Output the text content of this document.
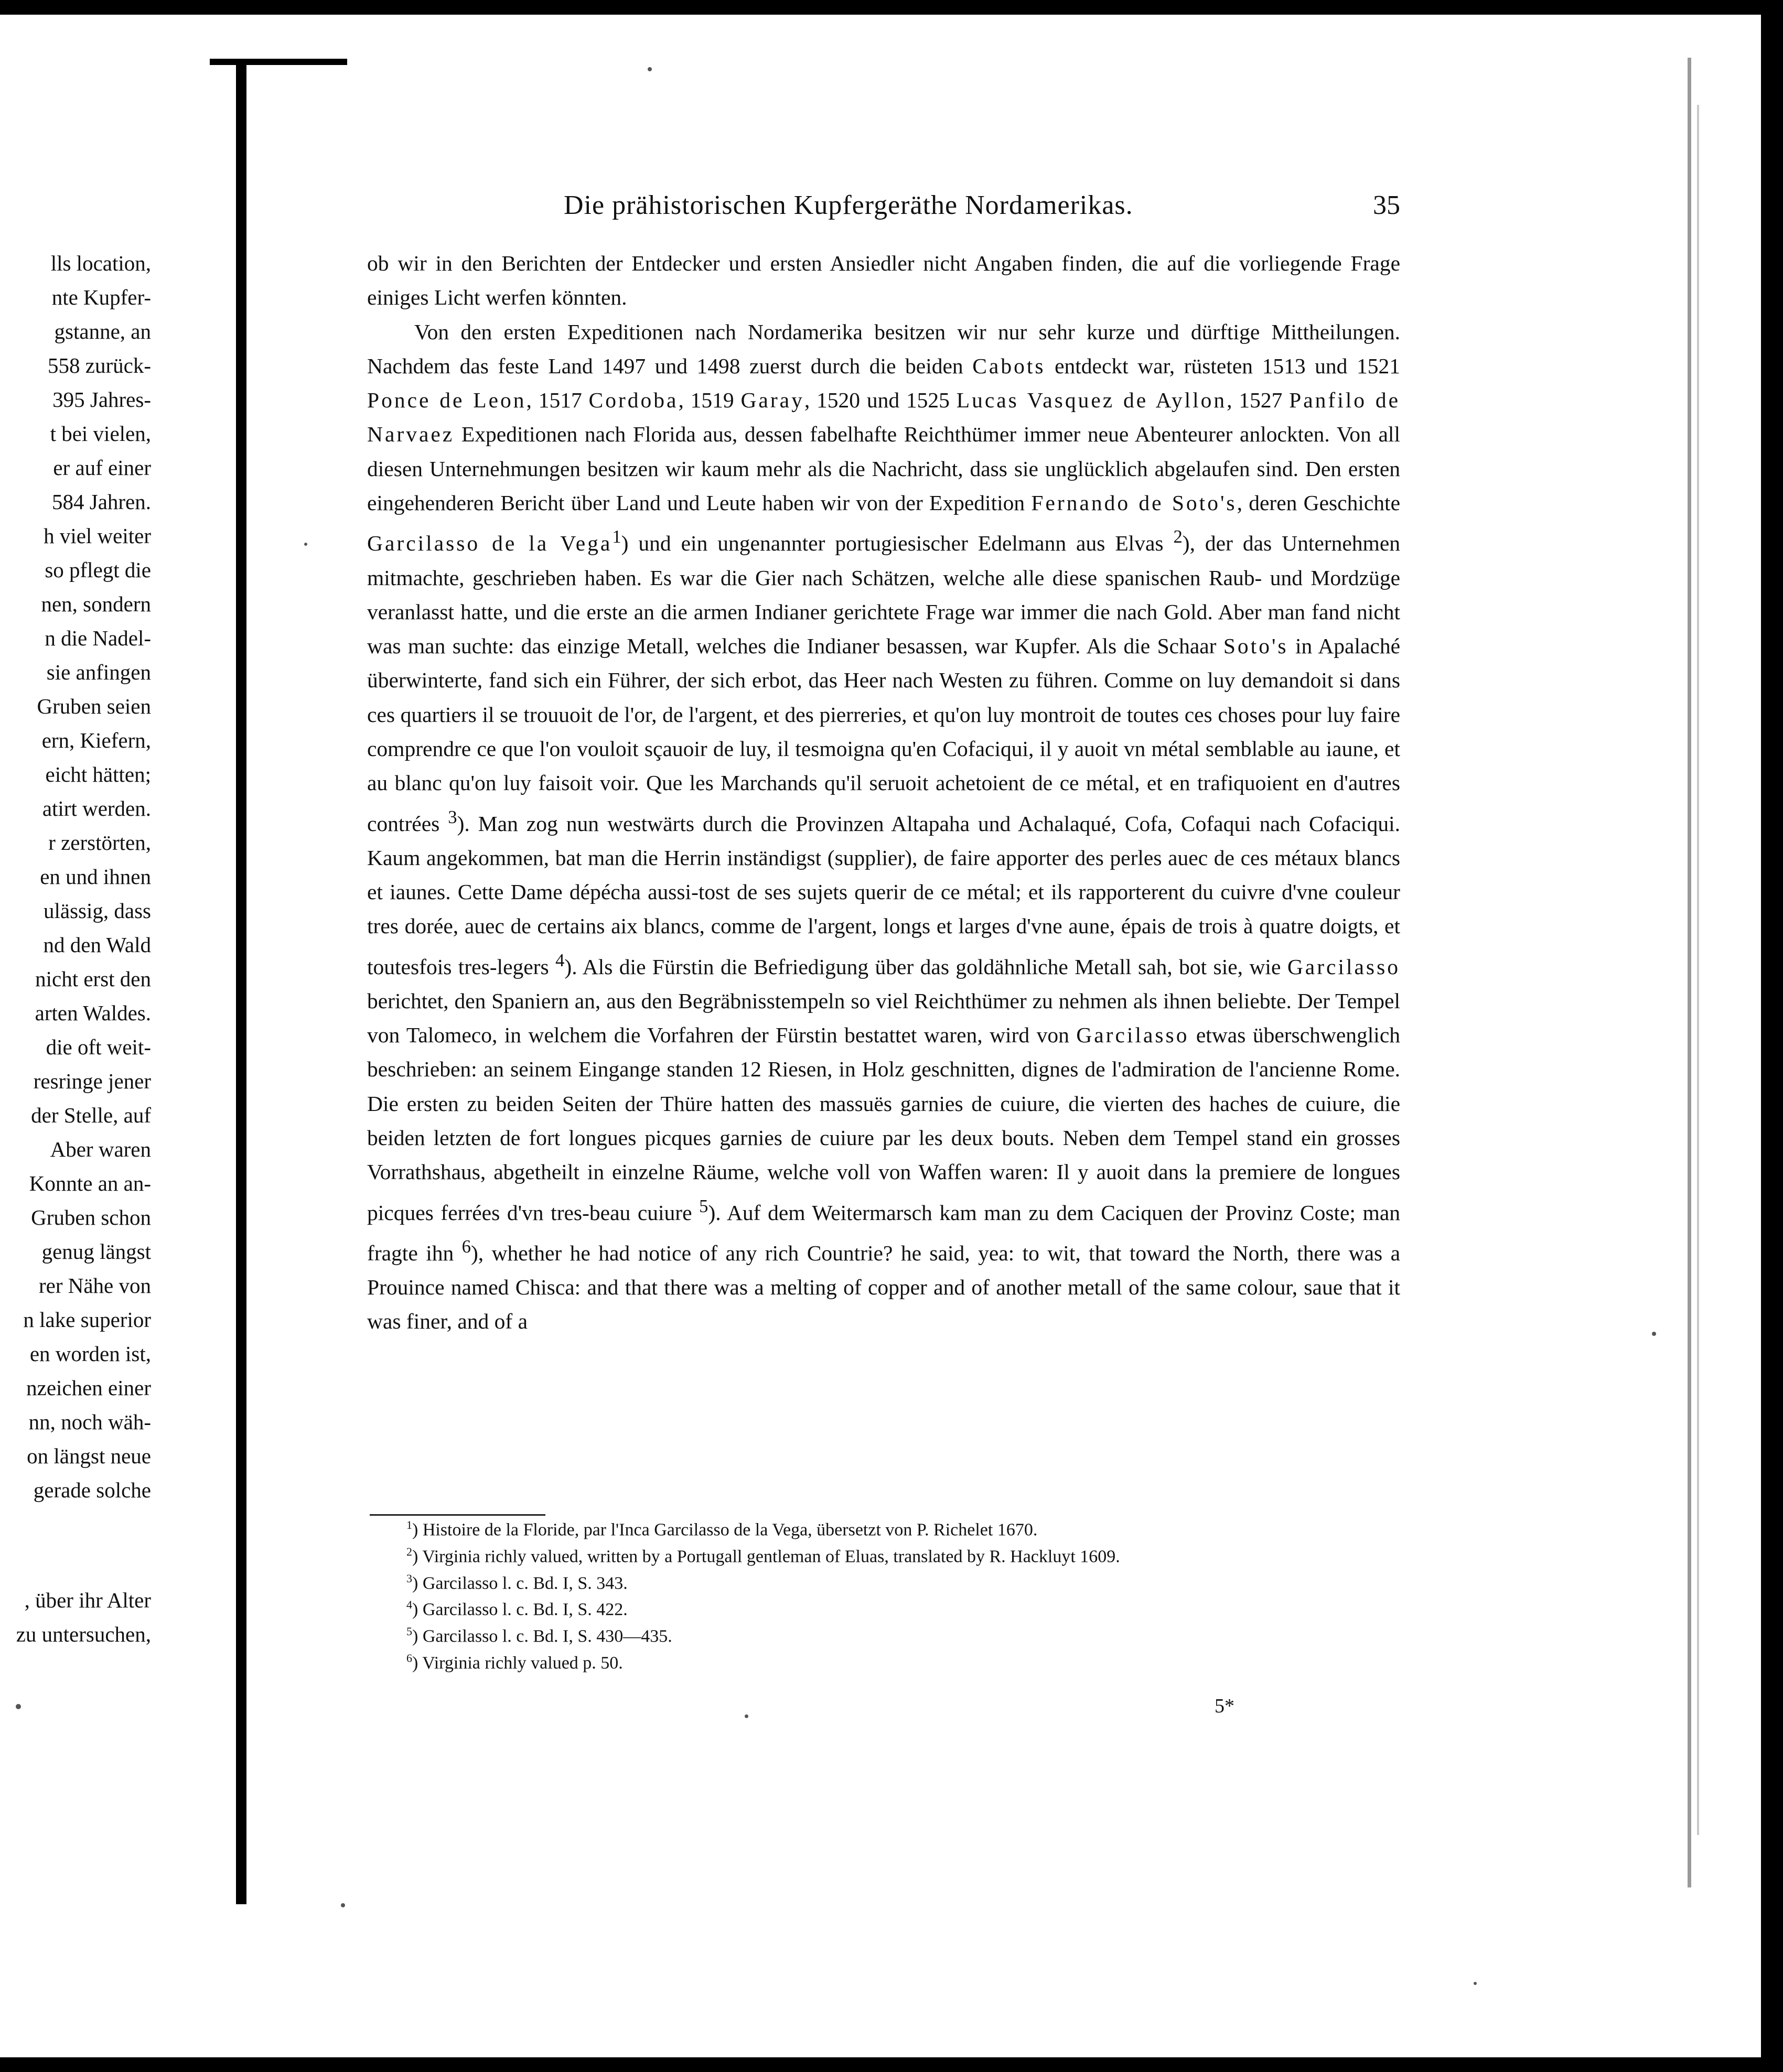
lls location,
nte Kupfer-
gstanne, an
558 zurück-
395 Jahres-
t bei vielen,
er auf einer
584 Jahren.
h viel weiter
so pflegt die
nen, sondern
n die Nadel-
sie anfingen
Gruben seien
ern, Kiefern,
eicht hätten;
atirt werden.
r zerstörten,
en und ihnen
ulässig, dass
nd den Wald
nicht erst den
arten Waldes.
die oft weit-
resringe jener
der Stelle, auf
Aber waren
Konnte an an-
Gruben schon
genug längst
rer Nähe von
n lake superior
en worden ist,
nzeichen einer
nn, noch wäh-
on längst neue
gerade solche
, über ihr Alter
zu untersuchen,
Die prähistorischen Kupfergeräthe Nordamerikas.	35

ob wir in den Berichten der Entdecker und ersten Ansiedler nicht Angaben finden, die auf die vorliegende Frage einiges Licht werfen könnten.

Von den ersten Expeditionen nach Nordamerika besitzen wir nur sehr kurze und dürftige Mittheilungen. Nachdem das feste Land 1497 und 1498 zuerst durch die beiden Cabots entdeckt war, rüsteten 1513 und 1521 Ponce de Leon, 1517 Cordoba, 1519 Garay, 1520 und 1525 Lucas Vasquez de Ayllon, 1527 Panfilo de Narvaez Expeditionen nach Florida aus, dessen fabelhafte Reichthümer immer neue Abenteurer anlockten. Von all diesen Unternehmungen besitzen wir kaum mehr als die Nachricht, dass sie unglücklich abgelaufen sind. Den ersten eingehenderen Bericht über Land und Leute haben wir von der Expedition Fernando de Soto's, deren Geschichte Garcilasso de la Vega$^1$) und ein ungenannter portugiesischer Edelmann aus Elvas $^2$), der das Unternehmen mitmachte, geschrieben haben. Es war die Gier nach Schätzen, welche alle diese spanischen Raub- und Mordzüge veranlasst hatte, und die erste an die armen Indianer gerichtete Frage war immer die nach Gold. Aber man fand nicht was man suchte: das einzige Metall, welches die Indianer besassen, war Kupfer. Als die Schaar Soto's in Apalaché überwinterte, fand sich ein Führer, der sich erbot, das Heer nach Westen zu führen. Comme on luy demandoit si dans ces quartiers il se trouuoit de l'or, de l'argent, et des pierreries, et qu'on luy montroit de toutes ces choses pour luy faire comprendre ce que l'on vouloit sçauoir de luy, il tesmoigna qu'en Cofaciqui, il y auoit vn métal semblable au iaune, et au blanc qu'on luy faisoit voir. Que les Marchands qu'il seruoit achetoient de ce métal, et en trafiquoient en d'autres contrées $^3$). Man zog nun westwärts durch die Provinzen Altapaha und Achalaqué, Cofa, Cofaqui nach Cofaciqui. Kaum angekommen, bat man die Herrin inständigst (supplier), de faire apporter des perles auec de ces métaux blancs et iaunes. Cette Dame dépécha aussi-tost de ses sujets querir de ce métal; et ils rapporterent du cuivre d'vne couleur tres dorée, auec de certains aix blancs, comme de l'argent, longs et larges d'vne aune, épais de trois à quatre doigts, et toutesfois tres-legers $^4$). Als die Fürstin die Befriedigung über das goldähnliche Metall sah, bot sie, wie Garcilasso berichtet, den Spaniern an, aus den Begräbnisstempeln so viel Reichthümer zu nehmen als ihnen beliebte. Der Tempel von Talomeco, in welchem die Vorfahren der Fürstin bestattet waren, wird von Garcilasso etwas überschwenglich beschrieben: an seinem Eingange standen 12 Riesen, in Holz geschnitten, dignes de l'admiration de l'ancienne Rome. Die ersten zu beiden Seiten der Thüre hatten des massuës garnies de cuiure, die vierten des haches de cuiure, die beiden letzten de fort longues picques garnies de cuiure par les deux bouts. Neben dem Tempel stand ein grosses Vorrathshaus, abgetheilt in einzelne Räume, welche voll von Waffen waren: Il y auoit dans la premiere de longues picques ferrées d'vn tres-beau cuiure $^5$). Auf dem Weitermarsch kam man zu dem Caciquen der Provinz Coste; man fragte ihn $^6$), whether he had notice of any rich Countrie? he said, yea: to wit, that toward the North, there was a Prouince named Chisca: and that there was a melting of copper and of another metall of the same colour, saue that it was finer, and of a

$^1$) Histoire de la Floride, par l'Inca Garcilasso de la Vega, übersetzt von P. Richelet 1670.

$^2$) Virginia richly valued, written by a Portugall gentleman of Eluas, translated by R. Hackluyt 1609.

$^3$) Garcilasso l. c. Bd. I, S. 343.

$^4$) Garcilasso l. c. Bd. I, S. 422.

$^5$) Garcilasso l. c. Bd. I, S. 430—435.

$^6$) Virginia richly valued p. 50.

5*
